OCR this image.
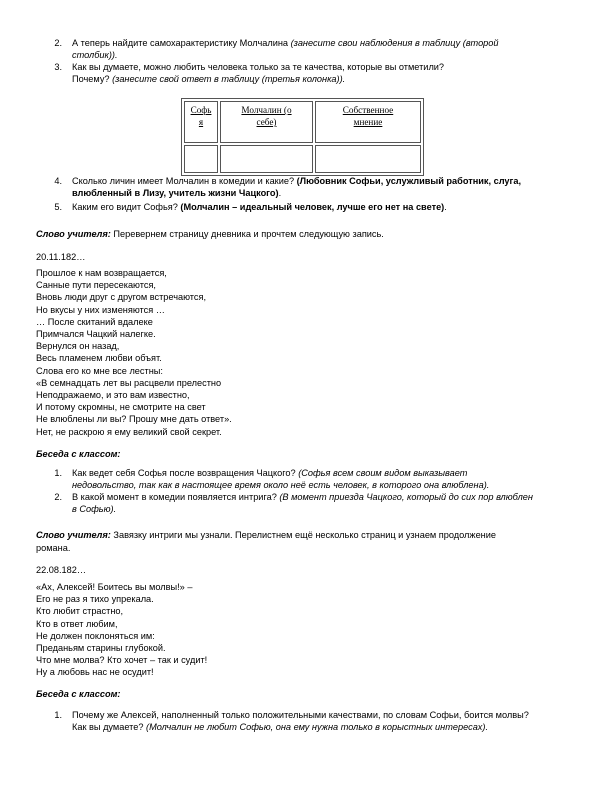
2. А теперь найдите самохарактеристику Молчалина (занесите свои наблюдения в таблицу (второй
столбик)).
3. Как вы думаете, можно любить человека только за те качества, которые вы отметили?
Почему? (занесите свой ответ в таблицу (третья колонка)).
Софь
я	Молчалин (о
себе)	Собственное
мнение

4. Сколько личин имеет Молчалин в комедии и какие? (Любовник Софьи, услужливый работник, слуга,
влюбленный в Лизу, учитель жизни Чацкого).
5. Каким его видит Софья? (Молчалин – идеальный человек, лучше его нет на свете).
Слово учителя: Перевернем страницу дневника и прочтем следующую запись.
20.11.182…
Прошлое к нам возвращается,
Санные пути пересекаются,
Вновь люди друг с другом встречаются,
Но вкусы у них изменяются …
… После скитаний вдалеке
Примчался Чацкий налегке.
Вернулся он назад,
Весь пламенем любви объят.
Слова его ко мне все лестны:
«В семнадцать лет вы расцвели прелестно
Неподражаемо, и это вам известно,
И потому скромны, не смотрите на свет
Не влюблены ли вы? Прошу мне дать ответ».
Нет, не раскрою я ему великий свой секрет.
Беседа с классом:
1. Как ведет себя Софья после возвращения Чацкого? (Софья всем своим видом выказывает
недовольство, так как в настоящее время около неё есть человек, в которого она влюблена).
2. В какой момент в комедии появляется интрига? (В момент приезда Чацкого, который до сих пор влюблен
в Софью).
Слово учителя: Завязку интриги мы узнали. Перелистнем ещё несколько страниц и узнаем продолжение
романа.
22.08.182…
«Ах, Алексей! Боитесь вы молвы!» –
Его не раз я тихо упрекала.
Кто любит страстно,
Кто в ответ любим,
Не должен поклоняться им:
Преданьям старины глубокой.
Что мне молва? Кто хочет – так и судит!
Ну а любовь нас не осудит!
Беседа с классом:
1. Почему же Алексей, наполненный только положительными качествами, по словам Софьи, боится молвы?
Как вы думаете? (Молчалин не любит Софью, она ему нужна только в корыстных интересах).
